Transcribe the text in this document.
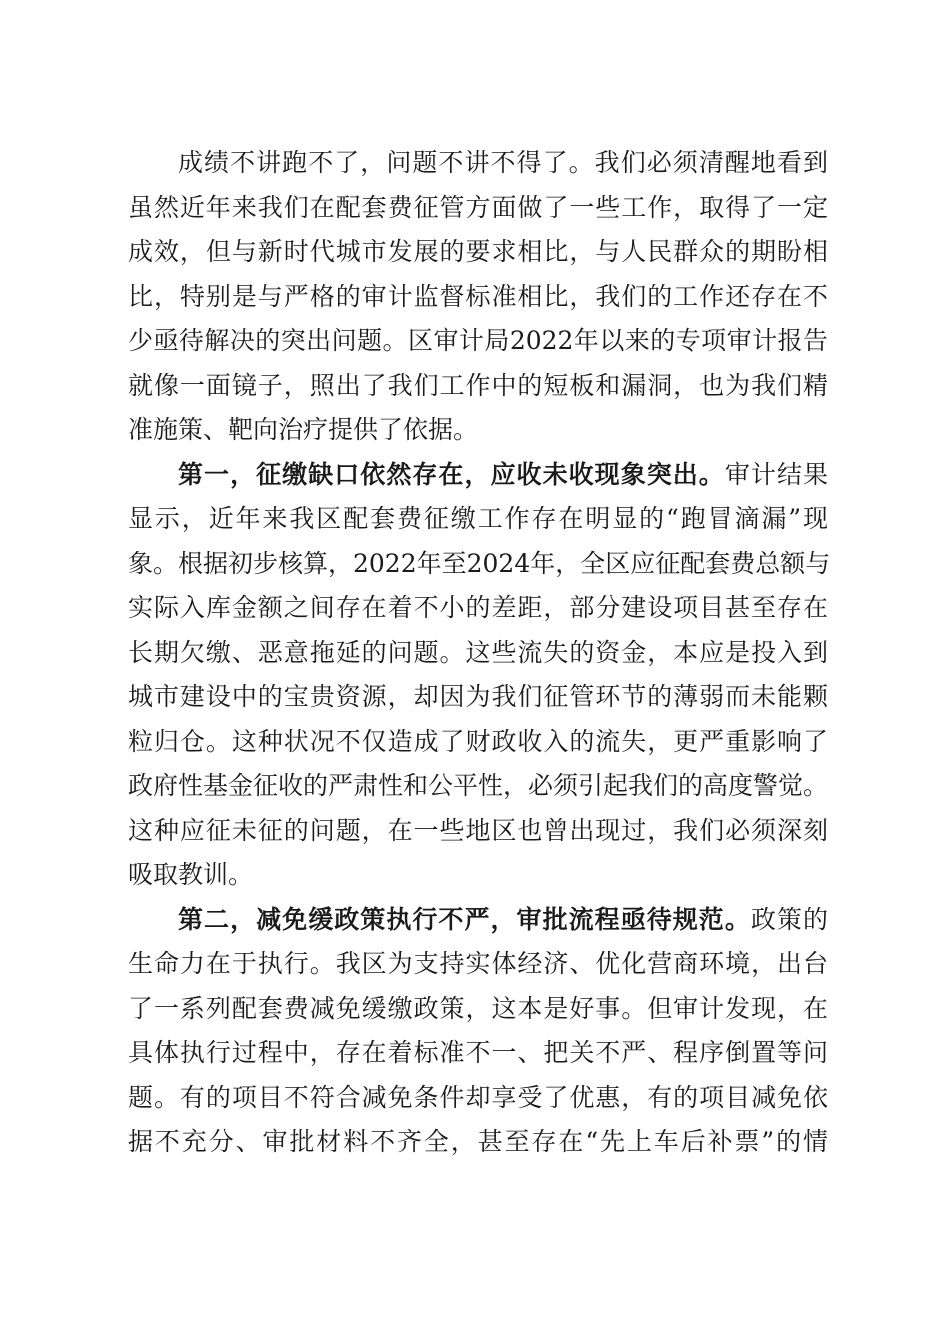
成绩不讲跑不了，问题不讲不得了。我们必须清醒地看到
虽然近年来我们在配套费征管方面做了一些工作，取得了一定
成效，但与新时代城市发展的要求相比，与人民群众的期盼相
比，特别是与严格的审计监督标准相比，我们的工作还存在不
少亟待解决的突出问题。区审计局2022年以来的专项审计报告
就像一面镜子，照出了我们工作中的短板和漏洞，也为我们精
准施策、靶向治疗提供了依据。
第一，征缴缺口依然存在，应收未收现象突出。审计结果
显示，近年来我区配套费征缴工作存在明显的“跑冒滴漏”现
象。根据初步核算，2022年至2024年，全区应征配套费总额与
实际入库金额之间存在着不小的差距，部分建设项目甚至存在
长期欠缴、恶意拖延的问题。这些流失的资金，本应是投入到
城市建设中的宝贵资源，却因为我们征管环节的薄弱而未能颗
粒归仓。这种状况不仅造成了财政收入的流失，更严重影响了
政府性基金征收的严肃性和公平性，必须引起我们的高度警觉。
这种应征未征的问题，在一些地区也曾出现过，我们必须深刻
吸取教训。
第二，减免缓政策执行不严，审批流程亟待规范。政策的
生命力在于执行。我区为支持实体经济、优化营商环境，出台
了一系列配套费减免缓缴政策，这本是好事。但审计发现，在
具体执行过程中，存在着标准不一、把关不严、程序倒置等问
题。有的项目不符合减免条件却享受了优惠，有的项目减免依
据不充分、审批材料不齐全，甚至存在“先上车后补票”的情
